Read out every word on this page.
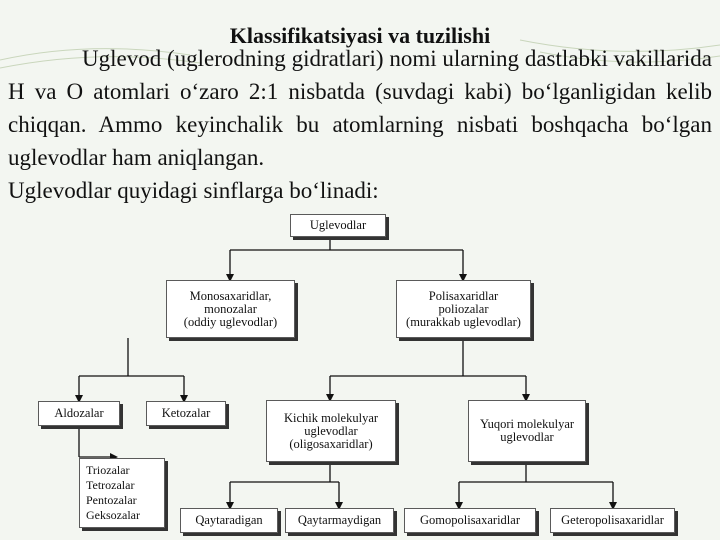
Klassifikatsiyasi va tuzilishi

Uglevod (uglerodning gidratlari) nomi ularning dastlabki vakillarida H va O atomlari o‘zaro 2:1 nisbatda (suvdagi kabi) bo‘lganligidan kelib chiqqan. Ammo keyinchalik bu atomlarning nisbati boshqacha bo‘lgan uglevodlar ham aniqlangan.

Uglevodlar quyidagi sinflarga bo‘linadi:

Uglevodlar
Monosaxaridlar,
monozalar
(oddiy uglevodlar)
Polisaxaridlar
poliozalar
(murakkab uglevodlar)
Aldozalar	Ketozalar	Kichik molekulyar
uglevodlar
(oligosaxaridlar)
Yuqori molekulyar
uglevodlar
Triozalar
Tetrozalar
Pentozalar
Geksozalar	Qaytaradigan	Qaytarmaydigan	Gomopolisaxaridlar	Geteropolisaxaridlar
